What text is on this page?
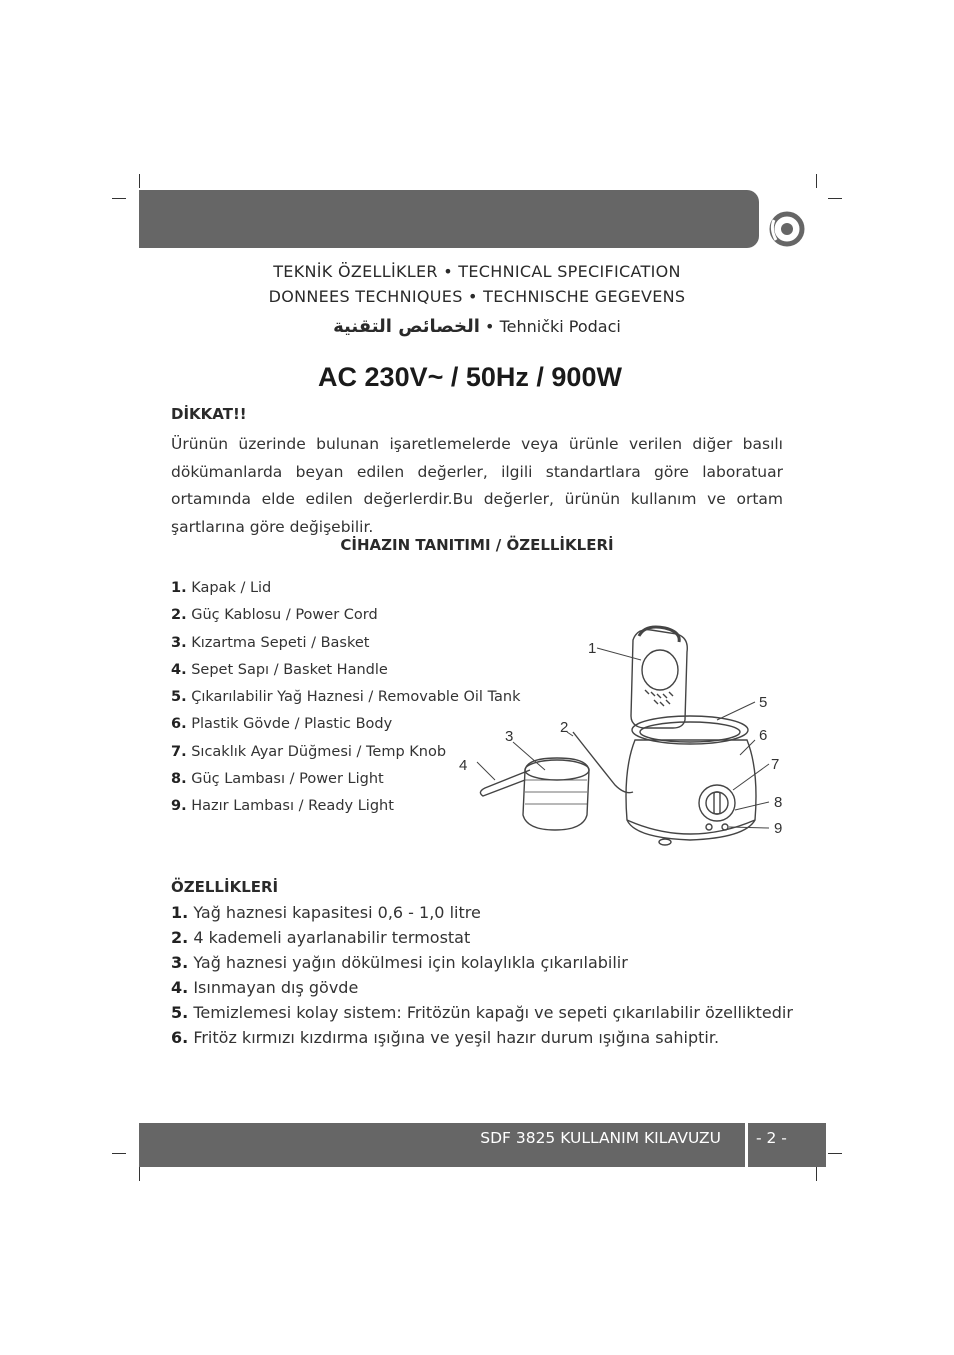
TEKNİK ÖZELLİKLER • TECHNICAL SPECIFICATION
DONNEES TECHNIQUES • TECHNISCHE GEGEVENS
الخصائص التقنية • Tehnički Podaci
AC 230V~ / 50Hz / 900W
DİKKAT!!
Ürünün üzerinde bulunan işaretlemelerde veya ürünle verilen diğer basılı dökümanlarda beyan edilen değerler, ilgili standartlara göre laboratuar ortamında elde edilen değerlerdir.Bu değerler, ürünün kullanım ve ortam şartlarına göre değişebilir.
CİHAZIN TANITIMI / ÖZELLİKLERİ
1. Kapak / Lid
2. Güç Kablosu / Power Cord
3. Kızartma Sepeti / Basket
4. Sepet Sapı / Basket Handle
5. Çıkarılabilir Yağ Haznesi / Removable Oil Tank
6. Plastik Gövde / Plastic Body
7. Sıcaklık Ayar Düğmesi / Temp Knob
8. Güç Lambası / Power Light
9. Hazır Lambası / Ready Light
1
2
3
4
5
6
7
8
9
ÖZELLİKLERİ
1. Yağ haznesi kapasitesi 0,6 - 1,0 litre
2. 4 kademeli ayarlanabilir termostat
3. Yağ haznesi yağın dökülmesi için kolaylıkla çıkarılabilir
4. Isınmayan dış gövde
5. Temizlemesi kolay sistem: Fritözün kapağı ve sepeti çıkarılabilir özelliktedir
6. Fritöz kırmızı kızdırma ışığına ve yeşil hazır durum ışığına sahiptir.
SDF 3825 KULLANIM KILAVUZU - 2 -
